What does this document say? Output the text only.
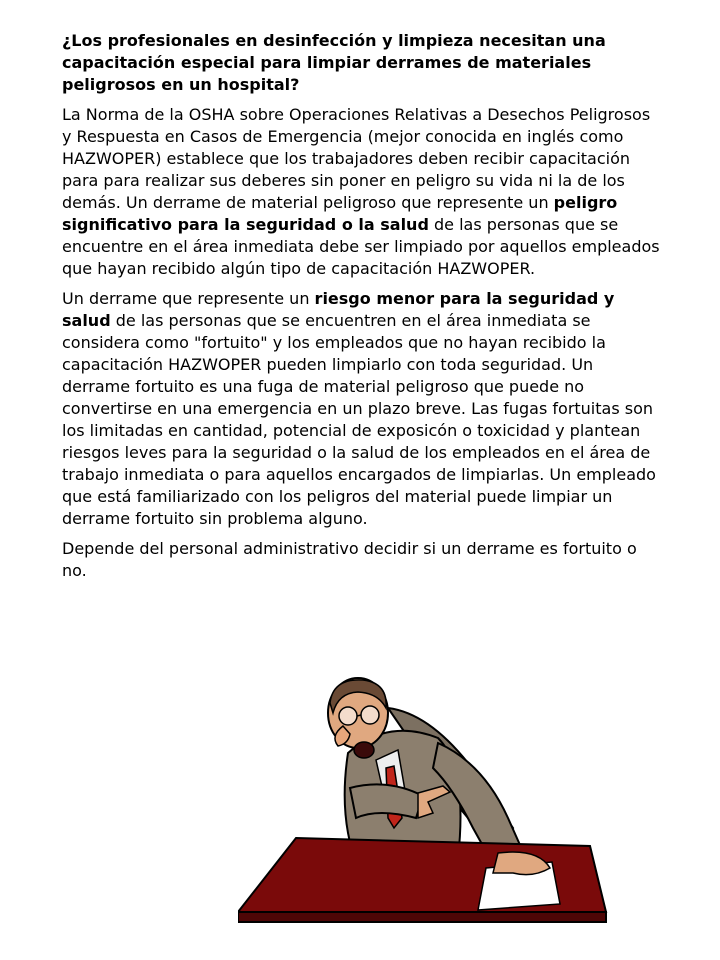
¿Los profesionales en desinfección y limpieza necesitan una capacitación especial para limpiar derrames de materiales peligrosos en un hospital?

La Norma de la OSHA sobre Operaciones Relativas a Desechos Peligrosos y Respuesta en Casos de Emergencia (mejor conocida en inglés como HAZWOPER) establece que los trabajadores deben recibir capacitación para para realizar sus deberes sin poner en peligro su vida ni la de los demás. Un derrame de material peligroso que represente un peligro significativo para la seguridad o la salud de las personas que se encuentre en el área inmediata debe ser limpiado por aquellos empleados que hayan recibido algún tipo de capacitación HAZWOPER.

Un derrame que represente un riesgo menor para la seguridad y salud de las personas que se encuentren en el área inmediata se considera como "fortuito" y los empleados que no hayan recibido la capacitación HAZWOPER pueden limpiarlo con toda seguridad. Un derrame fortuito es una fuga de material peligroso que puede no convertirse en una emergencia en un plazo breve. Las fugas fortuitas son los limitadas en cantidad, potencial de exposicón o toxicidad y plantean riesgos leves para la seguridad o la salud de los empleados en el área de trabajo inmediata o para aquellos encargados de limpiarlas. Un empleado que está familiarizado con los peligros del material puede limpiar un derrame fortuito sin problema alguno.

Depende del personal administrativo decidir si un derrame es fortuito o no.
